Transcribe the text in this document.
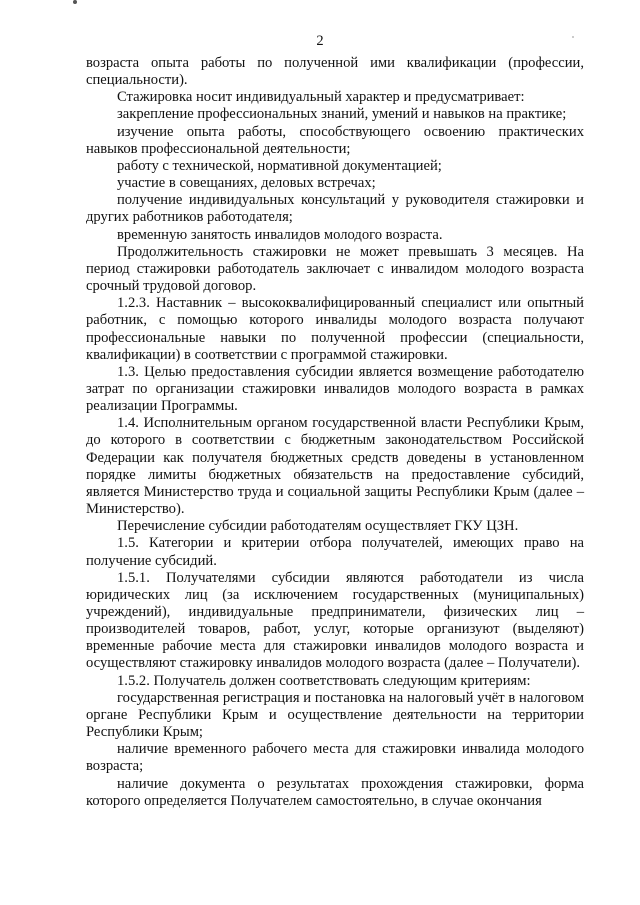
2

возраста опыта работы по полученной ими квалификации (профессии, специальности).

Стажировка носит индивидуальный характер и предусматривает:

закрепление профессиональных знаний, умений и навыков на практике;

изучение опыта работы, способствующего освоению практических навыков профессиональной деятельности;

работу с технической, нормативной документацией;

участие в совещаниях, деловых встречах;

получение индивидуальных консультаций у руководителя стажировки и других работников работодателя;

временную занятость инвалидов молодого возраста.

Продолжительность стажировки не может превышать 3 месяцев. На период стажировки работодатель заключает с инвалидом молодого возраста срочный трудовой договор.

1.2.3. Наставник – высококвалифицированный специалист или опытный работник, с помощью которого инвалиды молодого возраста получают профессиональные навыки по полученной профессии (специальности, квалификации) в соответствии с программой стажировки.

1.3. Целью предоставления субсидии является возмещение работодателю затрат по организации стажировки инвалидов молодого возраста в рамках реализации Программы.

1.4. Исполнительным органом государственной власти Республики Крым, до которого в соответствии с бюджетным законодательством Российской Федерации как получателя бюджетных средств доведены в установленном порядке лимиты бюджетных обязательств на предоставление субсидий, является Министерство труда и социальной защиты Республики Крым (далее – Министерство).

Перечисление субсидии работодателям осуществляет ГКУ ЦЗН.

1.5. Категории и критерии отбора получателей, имеющих право на получение субсидий.

1.5.1. Получателями субсидии являются работодатели из числа юридических лиц (за исключением государственных (муниципальных) учреждений), индивидуальные предприниматели, физических лиц – производителей товаров, работ, услуг, которые организуют (выделяют) временные рабочие места для стажировки инвалидов молодого возраста и осуществляют стажировку инвалидов молодого возраста (далее – Получатели).

1.5.2. Получатель должен соответствовать следующим критериям:

государственная регистрация и постановка на налоговый учёт в налоговом органе Республики Крым и осуществление деятельности на территории Республики Крым;

наличие временного рабочего места для стажировки инвалида молодого возраста;

наличие документа о результатах прохождения стажировки, форма которого определяется Получателем самостоятельно, в случае окончания
